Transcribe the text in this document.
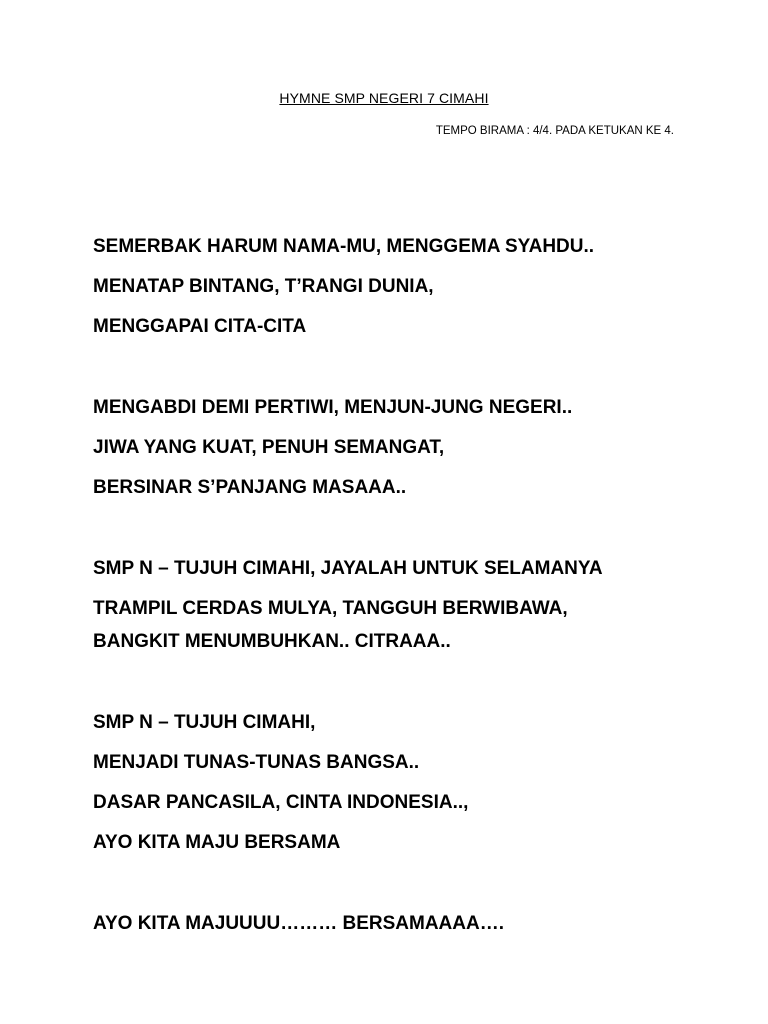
HYMNE SMP NEGERI 7 CIMAHI
TEMPO BIRAMA : 4/4. PADA KETUKAN KE 4.
SEMERBAK HARUM NAMA-MU, MENGGEMA SYAHDU..
MENATAP BINTANG, T’RANGI DUNIA,
MENGGAPAI CITA-CITA
MENGABDI DEMI PERTIWI, MENJUN-JUNG NEGERI..
JIWA YANG KUAT, PENUH SEMANGAT,
BERSINAR S’PANJANG MASAAA..
SMP N – TUJUH CIMAHI, JAYALAH UNTUK SELAMANYA
TRAMPIL CERDAS MULYA, TANGGUH BERWIBAWA,
BANGKIT MENUMBUHKAN.. CITRAAA..
SMP N – TUJUH CIMAHI,
MENJADI TUNAS-TUNAS BANGSA..
DASAR PANCASILA, CINTA INDONESIA..,
AYO KITA MAJU BERSAMA
AYO KITA MAJUUUU……… BERSAMAAAA….
